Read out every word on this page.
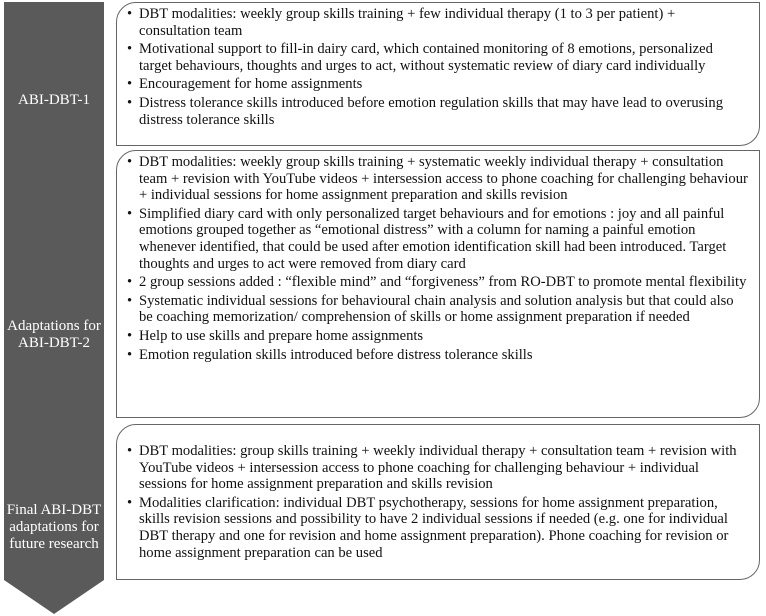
ABI-DBT-1
Adaptations for
ABI-DBT-2
Final ABI-DBT
adaptations for
future research
• DBT modalities: weekly group skills training + few individual therapy (1 to 3 per patient) + consultation team
• Motivational support to fill-in dairy card, which contained monitoring of 8 emotions, personalized target behaviours, thoughts and urges to act, without systematic review of diary card individually
• Encouragement for home assignments
• Distress tolerance skills introduced before emotion regulation skills that may have lead to overusing distress tolerance skills
• DBT modalities: weekly group skills training + systematic weekly individual therapy + consultation team + revision with YouTube videos + intersession access to phone coaching for challenging behaviour + individual sessions for home assignment preparation and skills revision
• Simplified diary card with only personalized target behaviours and for emotions : joy and all painful emotions grouped together as “emotional distress” with a column for naming a painful emotion whenever identified, that could be used after emotion identification skill had been introduced. Target thoughts and urges to act were removed from diary card
• 2 group sessions added : “flexible mind” and “forgiveness” from RO-DBT to promote mental flexibility
• Systematic individual sessions for behavioural chain analysis and solution analysis but that could also be coaching memorization/ comprehension of skills or home assignment preparation if needed
• Help to use skills and prepare home assignments
• Emotion regulation skills introduced before distress tolerance skills
• DBT modalities: group skills training + weekly individual therapy + consultation team + revision with YouTube videos + intersession access to phone coaching for challenging behaviour + individual sessions for home assignment preparation and skills revision
• Modalities clarification: individual DBT psychotherapy, sessions for home assignment preparation, skills revision sessions and possibility to have 2 individual sessions if needed (e.g. one for individual DBT therapy and one for revision and home assignment preparation). Phone coaching for revision or home assignment preparation can be used
